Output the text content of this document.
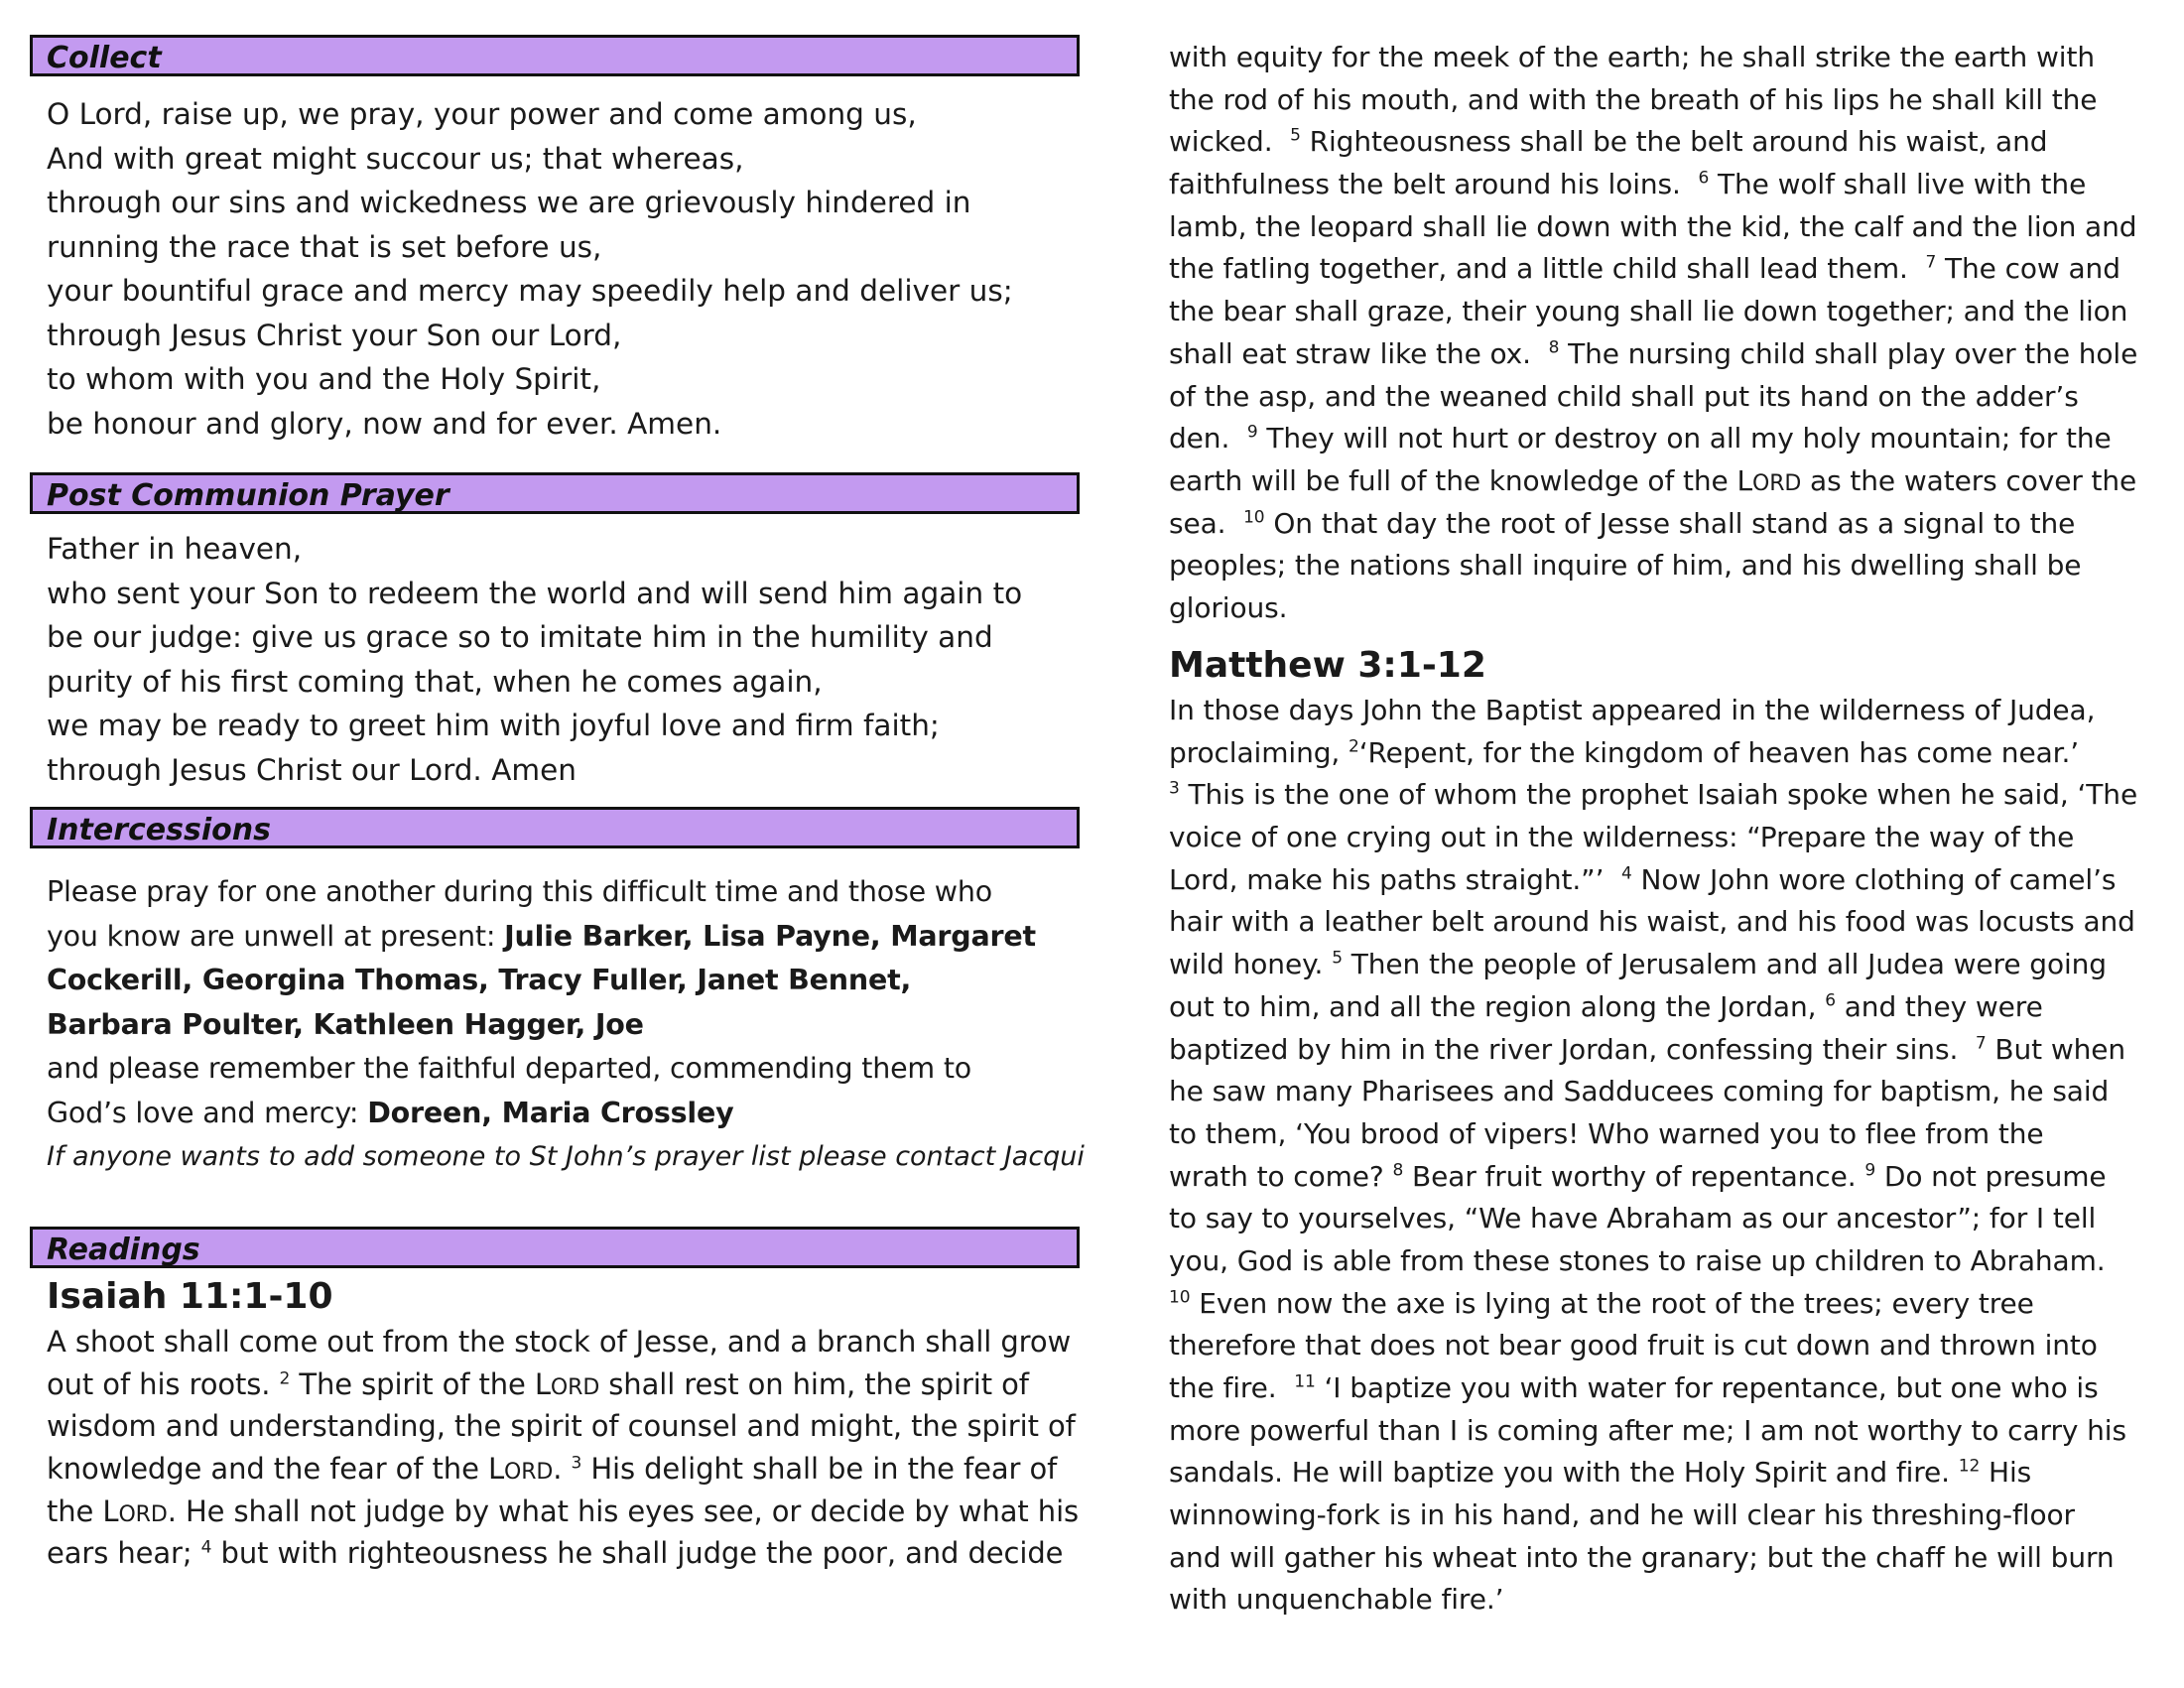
Collect
O Lord, raise up, we pray, your power and come among us,
And with great might succour us; that whereas,
through our sins and wickedness we are grievously hindered in
running the race that is set before us,
your bountiful grace and mercy may speedily help and deliver us;
through Jesus Christ your Son our Lord,
to whom with you and the Holy Spirit,
be honour and glory, now and for ever. Amen.
Post Communion Prayer
Father in heaven,
who sent your Son to redeem the world and will send him again to
be our judge: give us grace so to imitate him in the humility and
purity of his first coming that, when he comes again,
we may be ready to greet him with joyful love and firm faith;
through Jesus Christ our Lord. Amen
Intercessions
Please pray for one another during this difficult time and those who
you know are unwell at present: Julie Barker, Lisa Payne, Margaret
Cockerill, Georgina Thomas, Tracy Fuller, Janet Bennet,
Barbara Poulter, Kathleen Hagger, Joe
and please remember the faithful departed, commending them to
God’s love and mercy: Doreen, Maria Crossley
If anyone wants to add someone to St John’s prayer list please contact Jacqui
Readings
Isaiah 11:1-10
A shoot shall come out from the stock of Jesse, and a branch shall grow
out of his roots. $^2$ The spirit of the LORD shall rest on him, the spirit of
wisdom and understanding, the spirit of counsel and might, the spirit of
knowledge and the fear of the LORD. $^3$ His delight shall be in the fear of
the LORD. He shall not judge by what his eyes see, or decide by what his
ears hear; $^4$ but with righteousness he shall judge the poor, and decide
with equity for the meek of the earth; he shall strike the earth with
the rod of his mouth, and with the breath of his lips he shall kill the
wicked. $^5$ Righteousness shall be the belt around his waist, and
faithfulness the belt around his loins. $^6$ The wolf shall live with the
lamb, the leopard shall lie down with the kid, the calf and the lion and
the fatling together, and a little child shall lead them. $^7$ The cow and
the bear shall graze, their young shall lie down together; and the lion
shall eat straw like the ox. $^8$ The nursing child shall play over the hole
of the asp, and the weaned child shall put its hand on the adder’s
den. $^9$ They will not hurt or destroy on all my holy mountain; for the
earth will be full of the knowledge of the LORD as the waters cover the
sea. $^{10}$ On that day the root of Jesse shall stand as a signal to the
peoples; the nations shall inquire of him, and his dwelling shall be
glorious.
Matthew 3:1-12
In those days John the Baptist appeared in the wilderness of Judea,
proclaiming, $^2$‘Repent, for the kingdom of heaven has come near.’
$^3$ This is the one of whom the prophet Isaiah spoke when he said, ‘The
voice of one crying out in the wilderness: “Prepare the way of the
Lord, make his paths straight.”’ $^4$ Now John wore clothing of camel’s
hair with a leather belt around his waist, and his food was locusts and
wild honey. $^5$ Then the people of Jerusalem and all Judea were going
out to him, and all the region along the Jordan, $^6$ and they were
baptized by him in the river Jordan, confessing their sins. $^7$ But when
he saw many Pharisees and Sadducees coming for baptism, he said
to them, ‘You brood of vipers! Who warned you to flee from the
wrath to come? $^8$ Bear fruit worthy of repentance. $^9$ Do not presume
to say to yourselves, “We have Abraham as our ancestor”; for I tell
you, God is able from these stones to raise up children to Abraham.
$^{10}$ Even now the axe is lying at the root of the trees; every tree
therefore that does not bear good fruit is cut down and thrown into
the fire. $^{11}$ ‘I baptize you with water for repentance, but one who is
more powerful than I is coming after me; I am not worthy to carry his
sandals. He will baptize you with the Holy Spirit and fire. $^{12}$ His
winnowing-fork is in his hand, and he will clear his threshing-floor
and will gather his wheat into the granary; but the chaff he will burn
with unquenchable fire.’
